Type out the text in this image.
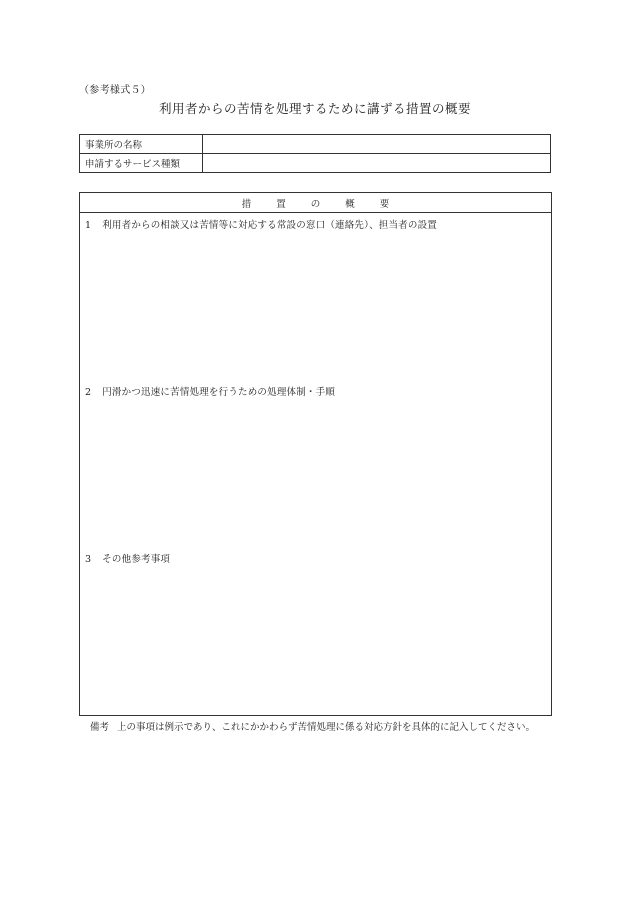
（参考様式５）
利用者からの苦情を処理するために講ずる措置の概要
事業所の名称	
申請するサービス種類	
措	置	の	概	要
1 利用者からの相談又は苦情等に対応する常設の窓口（連絡先）、担当者の設置
2 円滑かつ迅速に苦情処理を行うための処理体制・手順
3 その他参考事項
備考 上の事項は例示であり、これにかかわらず苦情処理に係る対応方針を具体的に記入してください。
